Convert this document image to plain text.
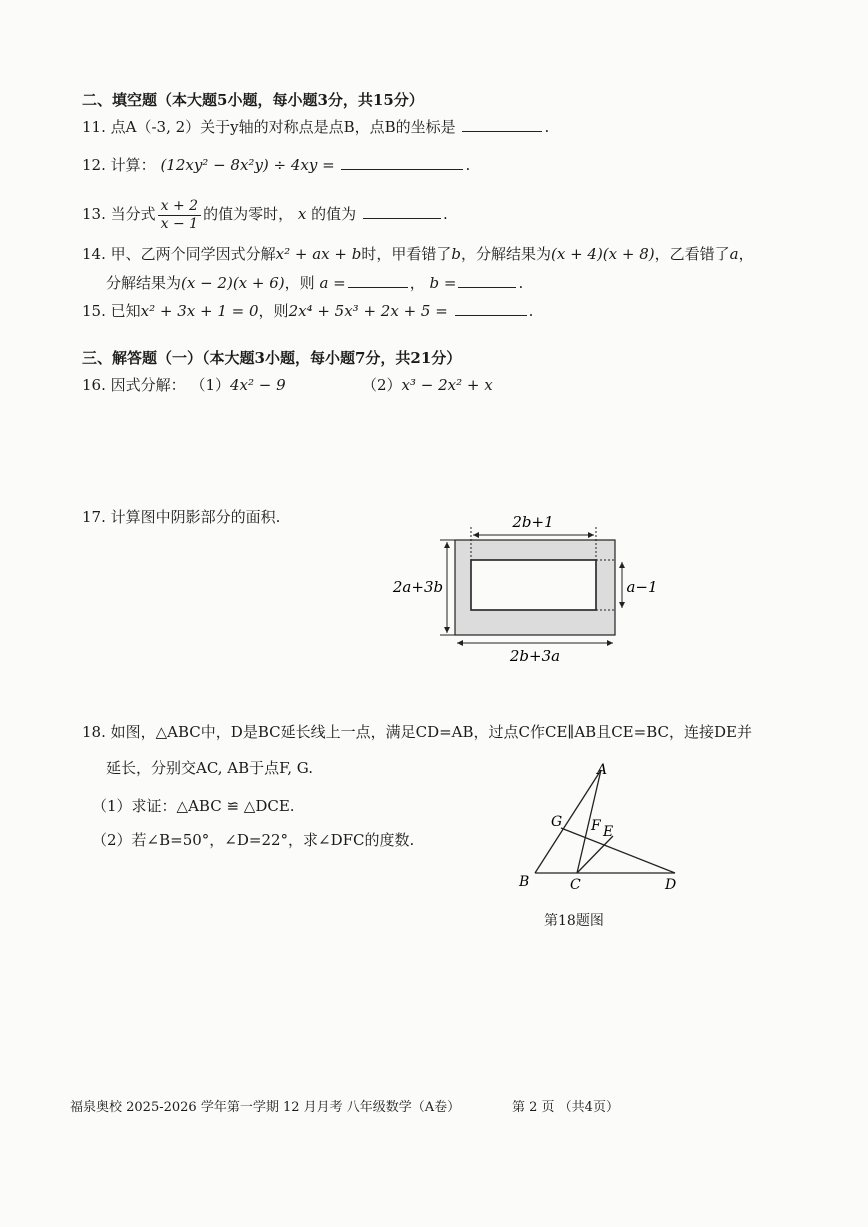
二、填空题（本大题5小题，每小题3分，共15分）
11. 点A（-3, 2）关于y轴的对称点是点B，点B的坐标是	.
12. 计算： (12xy² − 8x²y) ÷ 4xy =	.
13. 当分式 $\frac{x + 2}{x - 1}$ 的值为零时， x 的值为	.
14. 甲、乙两个同学因式分解x² + ax + b时，甲看错了b，分解结果为(x + 4)(x + 8)，乙看错了a，
分解结果为(x − 2)(x + 6)，则 a =	， b =	.
15. 已知x² + 3x + 1 = 0，则2x⁴ + 5x³ + 2x + 5 =	.
三、解答题（一）（本大题3小题，每小题7分，共21分）
16. 因式分解： （1）4x² − 9	（2）x³ − 2x² + x
17. 计算图中阴影部分的面积.	2b+1
2a+3b	a−1
2b+3a
18. 如图，△ABC中，D是BC延长线上一点，满足CD=AB，过点C作CE∥AB且CE=BC，连接DE并
延长，分别交AC, AB于点F, G.
（1）求证：△ABC ≌ △DCE.
（2）若∠B=50°，∠D=22°，求∠DFC的度数.
A
B	C	D
E
F
G
第18题图
福泉奥校 2025-2026 学年第一学期 12 月月考 八年级数学（A卷）	第 2 页 （共4页）
